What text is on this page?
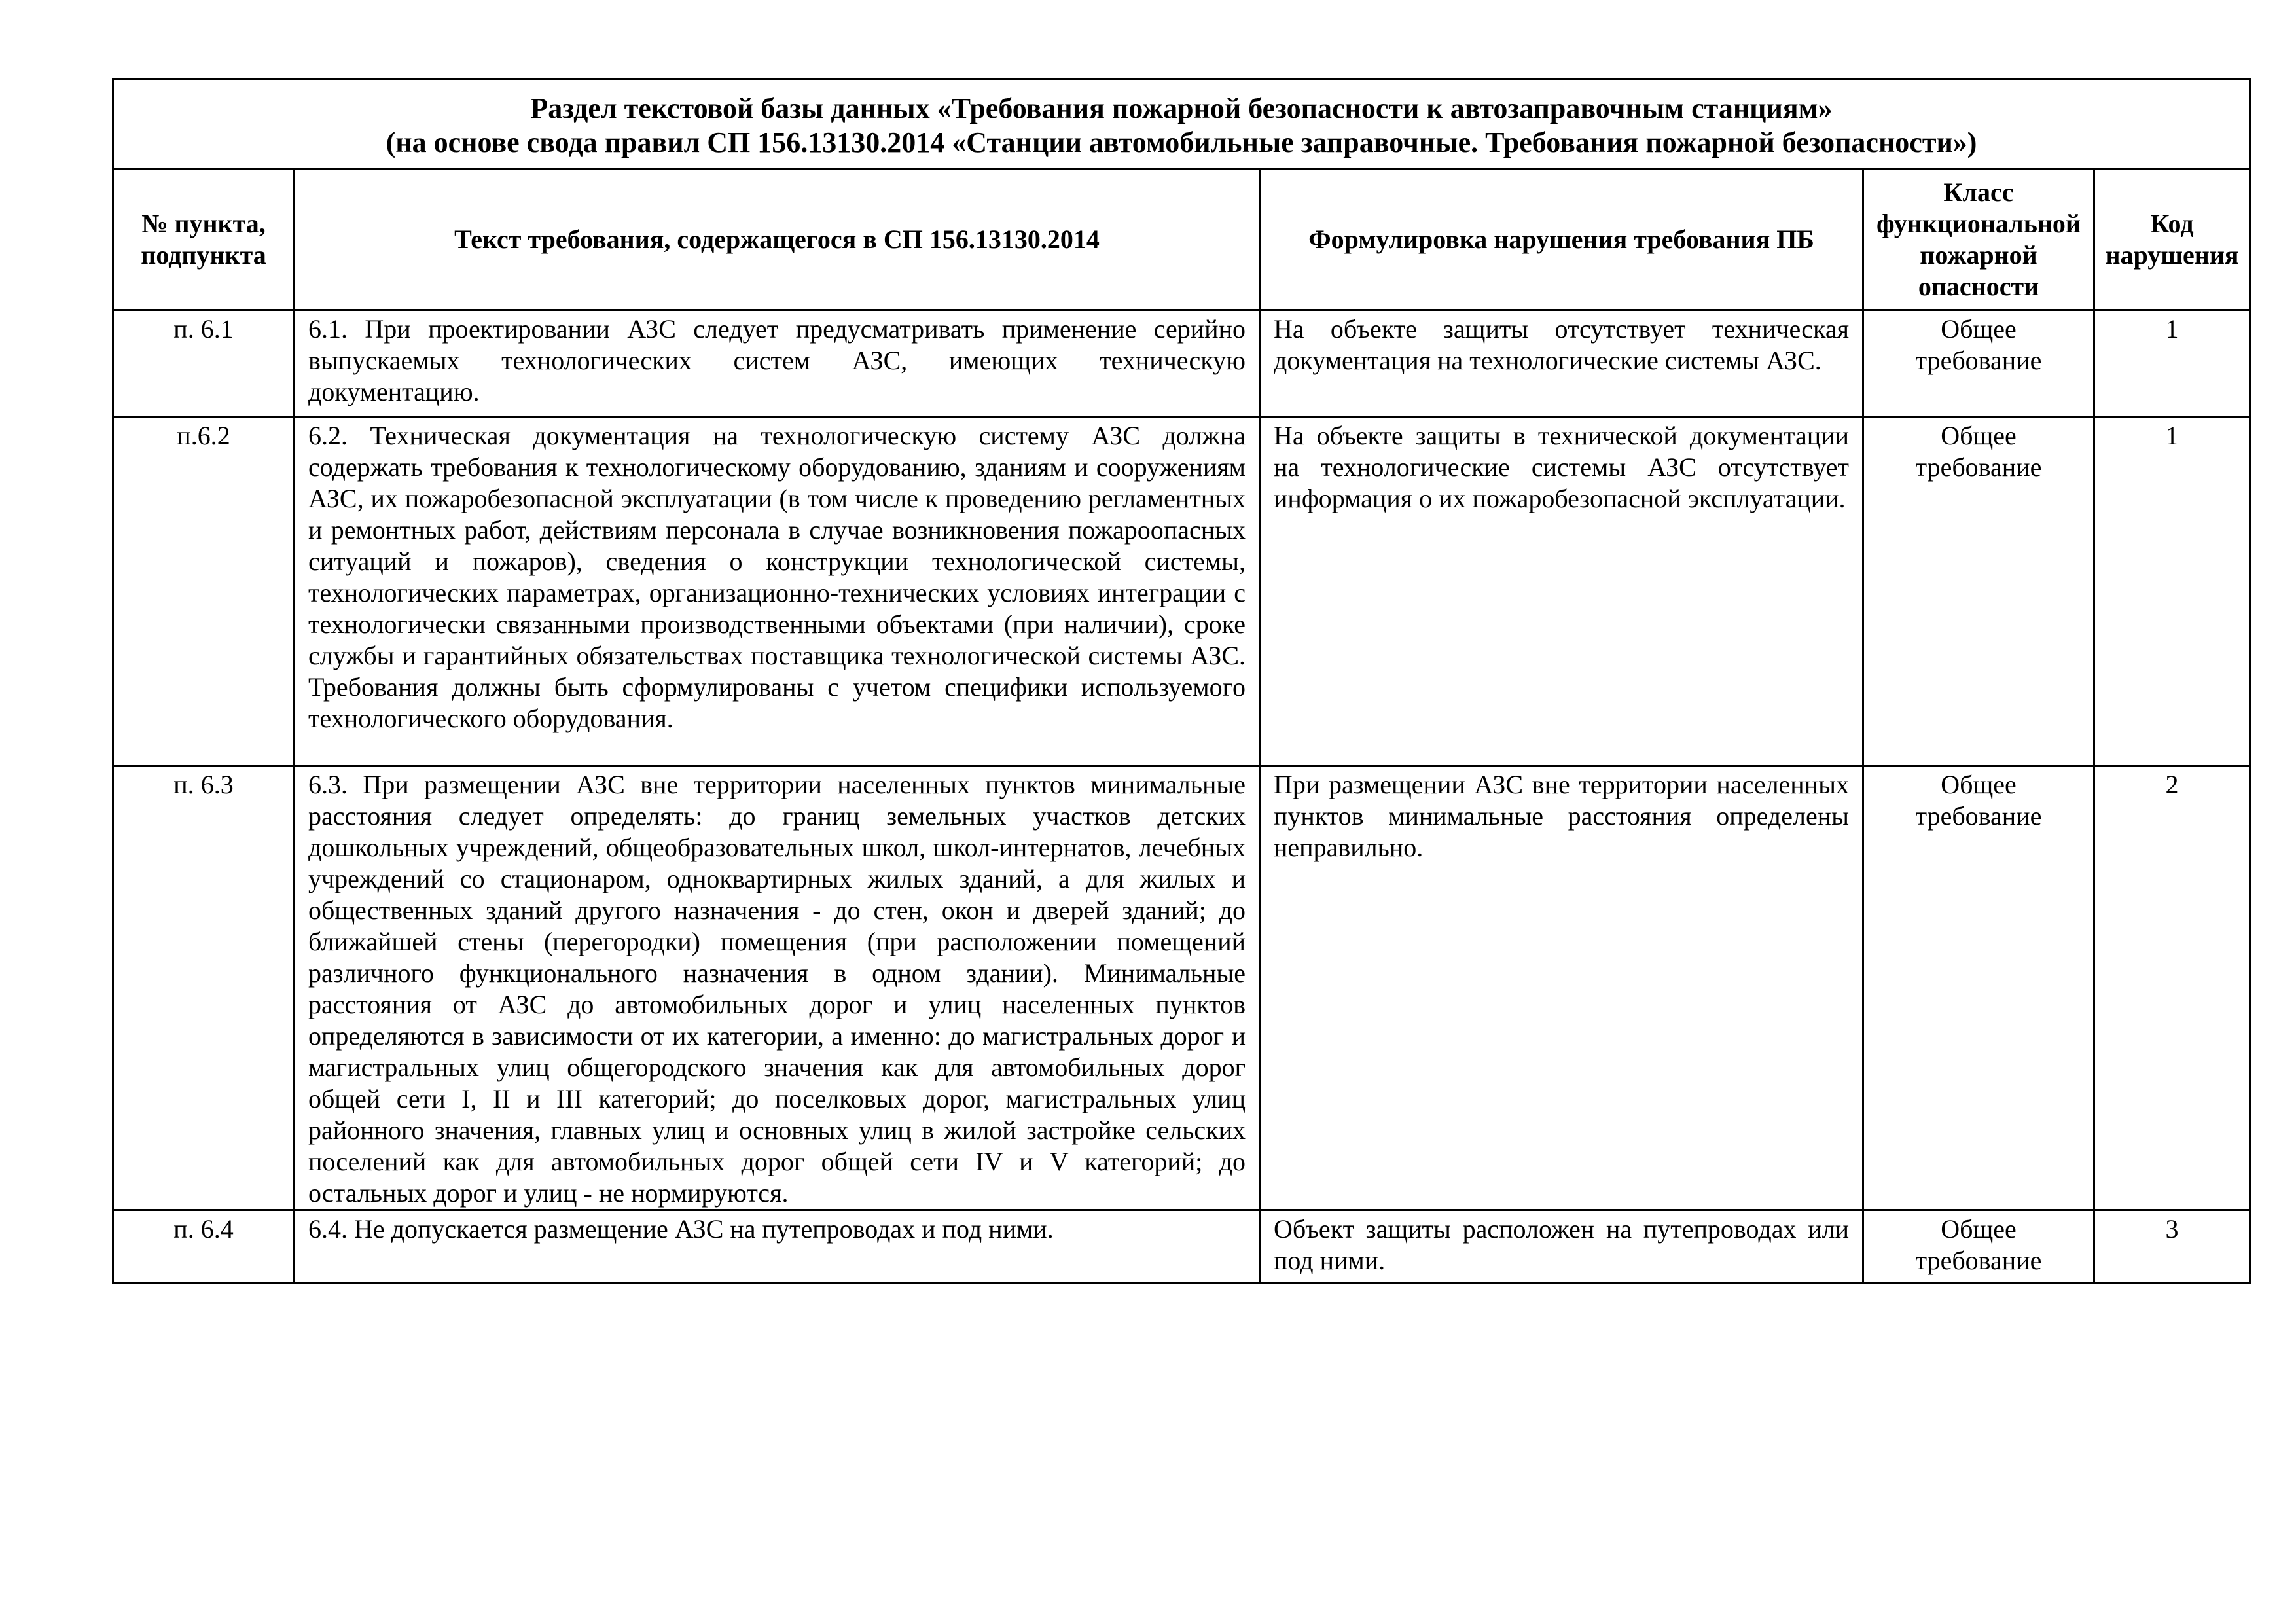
Раздел текстовой базы данных «Требования пожарной безопасности к автозаправочным станциям»
(на основе свода правил СП 156.13130.2014 «Станции автомобильные заправочные. Требования пожарной безопасности»)				

№ пункта, подпункта	Текст требования, содержащегося в СП 156.13130.2014	Формулировка нарушения требования ПБ	Класс функциональной пожарной опасности	Код нарушения
п. 6.1	6.1. При проектировании АЗС следует предусматривать применение серийно выпускаемых технологических систем АЗС, имеющих техническую документацию.	На объекте защиты отсутствует техническая документация на технологические системы АЗС.	Общее требование	1
п.6.2	6.2. Техническая документация на технологическую систему АЗС должна содержать требования к технологическому оборудованию, зданиям и сооружениям АЗС, их пожаробезопасной эксплуатации (в том числе к проведению регламентных и ремонтных работ, действиям персонала в случае возникновения пожароопасных ситуаций и пожаров), сведения о конструкции технологической системы, технологических параметрах, организационно-технических условиях интеграции с технологически связанными производственными объектами (при наличии), сроке службы и гарантийных обязательствах поставщика технологической системы АЗС. Требования должны быть сформулированы с учетом специфики используемого технологического оборудования.	На объекте защиты в технической документации на технологические системы АЗС отсутствует информация о их пожаробезопасной эксплуатации.	Общее требование	1
п. 6.3	6.3. При размещении АЗС вне территории населенных пунктов минимальные расстояния следует определять: до границ земельных участков детских дошкольных учреждений, общеобразовательных школ, школ-интернатов, лечебных учреждений со стационаром, одноквартирных жилых зданий, а для жилых и общественных зданий другого назначения - до стен, окон и дверей зданий; до ближайшей стены (перегородки) помещения (при расположении помещений различного функционального назначения в одном здании). Минимальные расстояния от АЗС до автомобильных дорог и улиц населенных пунктов определяются в зависимости от их категории, а именно: до магистральных дорог и магистральных улиц общегородского значения как для автомобильных дорог общей сети I, II и III категорий; до поселковых дорог, магистральных улиц районного значения, главных улиц и основных улиц в жилой застройке сельских поселений как для автомобильных дорог общей сети IV и V категорий; до остальных дорог и улиц - не нормируются.	При размещении АЗС вне территории населенных пунктов минимальные расстояния определены неправильно.	Общее требование	2
п. 6.4	6.4. Не допускается размещение АЗС на путепроводах и под ними.	Объект защиты расположен на путепроводах или под ними.	Общее требование	3
